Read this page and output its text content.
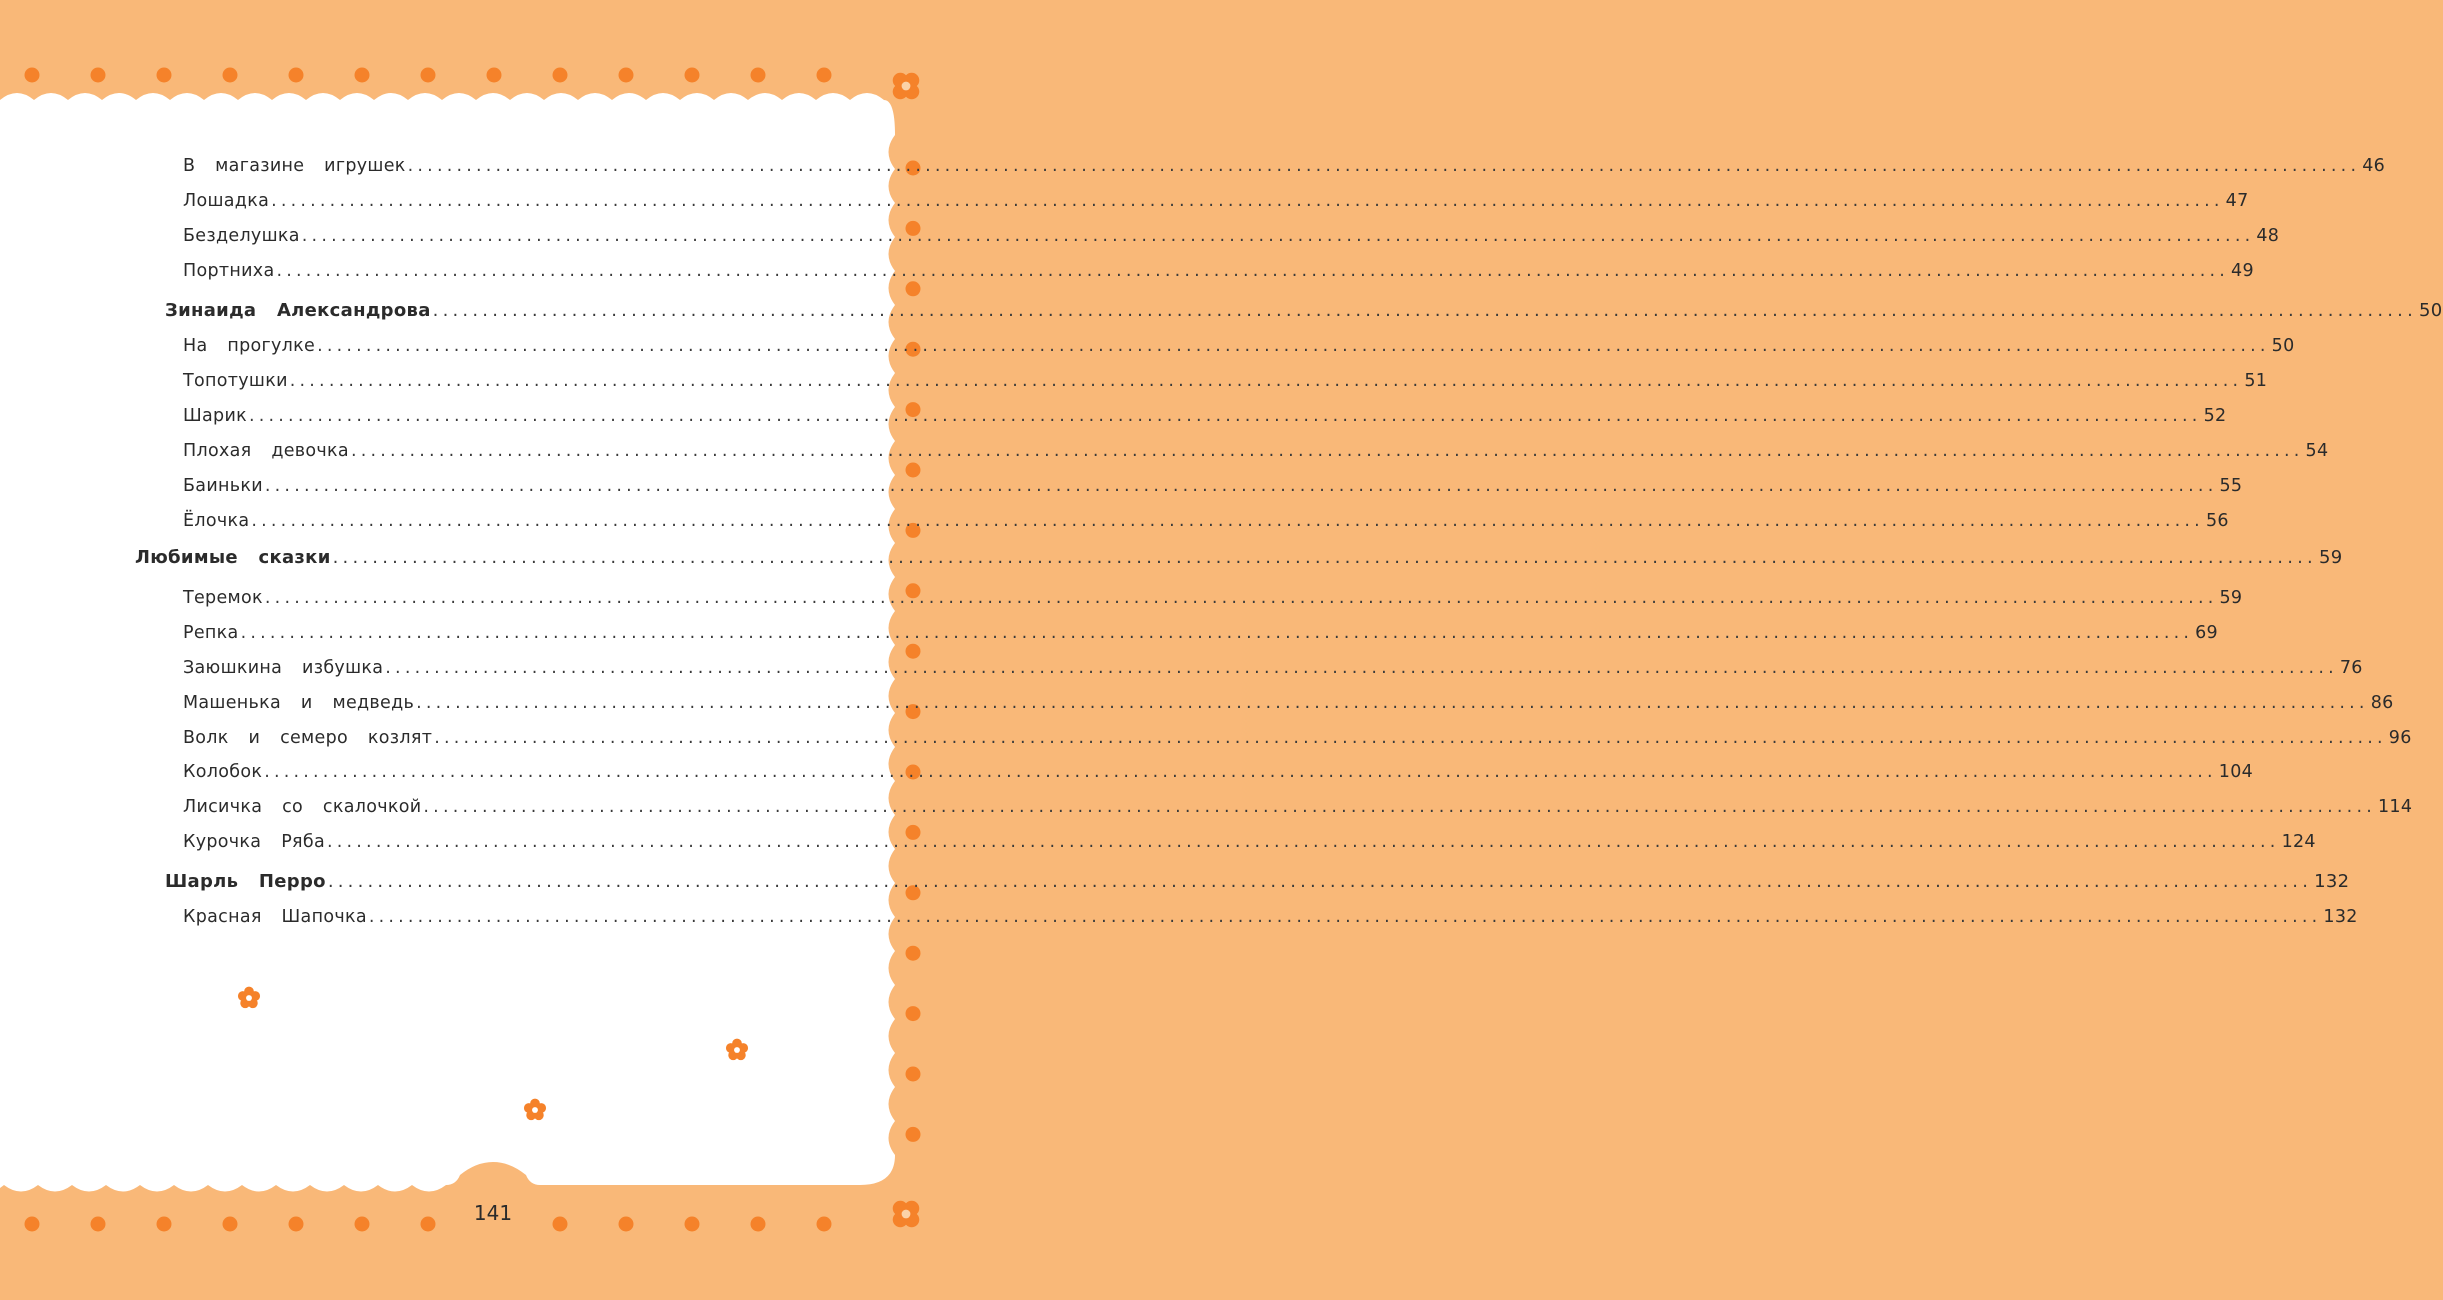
В магазине игрушек ........................................................................................................................................................................................................ 46
Лошадка ........................................................................................................................................................................................................ 47
Безделушка ........................................................................................................................................................................................................ 48
Портниха ........................................................................................................................................................................................................ 49
Зинаида Александрова ........................................................................................................................................................................................................ 50
На прогулке ........................................................................................................................................................................................................ 50
Топотушки ........................................................................................................................................................................................................ 51
Шарик ........................................................................................................................................................................................................ 52
Плохая девочка ........................................................................................................................................................................................................ 54
Баиньки ........................................................................................................................................................................................................ 55
Ёлочка ........................................................................................................................................................................................................ 56
Любимые сказки ........................................................................................................................................................................................................ 59
Теремок ........................................................................................................................................................................................................ 59
Репка ........................................................................................................................................................................................................ 69
Заюшкина избушка ........................................................................................................................................................................................................ 76
Машенька и медведь ........................................................................................................................................................................................................ 86
Волк и семеро козлят ........................................................................................................................................................................................................ 96
Колобок ........................................................................................................................................................................................................ 104
Лисичка со скалочкой ........................................................................................................................................................................................................ 114
Курочка Ряба ........................................................................................................................................................................................................ 124
Шарль Перро ........................................................................................................................................................................................................ 132
Красная Шапочка ........................................................................................................................................................................................................ 132
141
